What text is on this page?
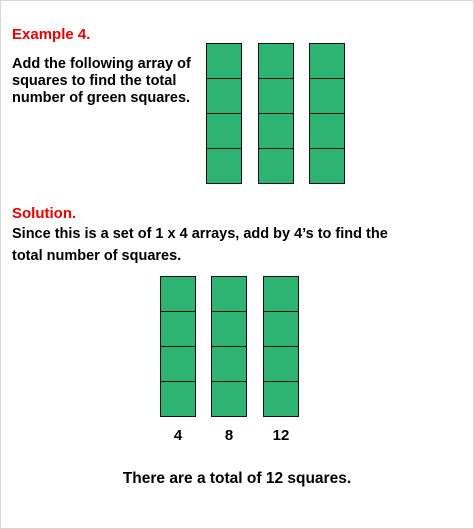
Example 4.

Add the following array of

squares to find the total

number of green squares.

Solution.

Since this is a set of 1 x 4 arrays, add by 4’s to find the

total number of squares.

4	8	12

There are a total of 12 squares.
